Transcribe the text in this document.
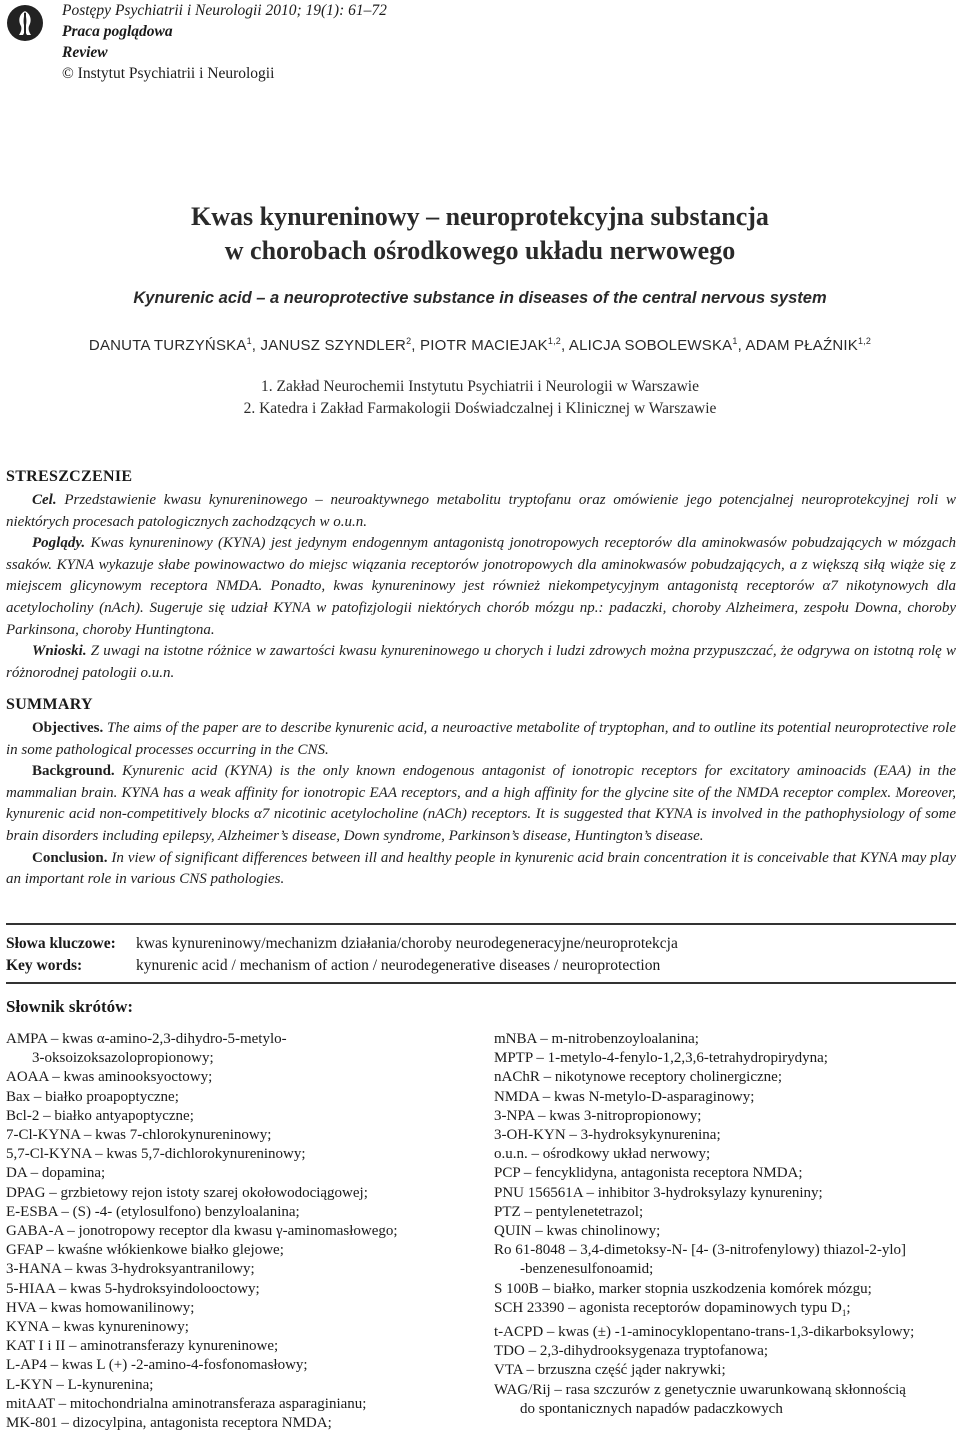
Postępy Psychiatrii i Neurologii 2010; 19(1): 61–72
Praca poglądowa
Review
© Instytut Psychiatrii i Neurologii
Kwas kynureninowy – neuroprotekcyjna substancja
w chorobach ośrodkowego układu nerwowego
Kynurenic acid – a neuroprotective substance in diseases of the central nervous system
DANUTA TURZYŃSKA$^1$, JANUSZ SZYNDLER$^2$, PIOTR MACIEJAK$^{1,2}$, ALICJA SOBOLEWSKA$^1$, ADAM PŁAŹNIK$^{1,2}$
1. Zakład Neurochemii Instytutu Psychiatrii i Neurologii w Warszawie
2. Katedra i Zakład Farmakologii Doświadczalnej i Klinicznej w Warszawie
STRESZCZENIE

Cel. Przedstawienie kwasu kynureninowego – neuroaktywnego metabolitu tryptofanu oraz omówienie jego potencjalnej neuroprotekcyjnej roli w niektórych procesach patologicznych zachodzących w o.u.n.

Poglądy. Kwas kynureninowy (KYNA) jest jedynym endogennym antagonistą jonotropowych receptorów dla aminokwasów pobudzających w mózgach ssaków. KYNA wykazuje słabe powinowactwo do miejsc wiązania receptorów jonotropowych dla aminokwasów pobudzających, a z większą siłą wiąże się z miejscem glicynowym receptora NMDA. Ponadto, kwas kynureninowy jest również niekompetycyjnym antagonistą receptorów α7 nikotynowych dla acetylocholiny (nAch). Sugeruje się udział KYNA w patofizjologii niektórych chorób mózgu np.: padaczki, choroby Alzheimera, zespołu Downa, choroby Parkinsona, choroby Huntingtona.

Wnioski. Z uwagi na istotne różnice w zawartości kwasu kynureninowego u chorych i ludzi zdrowych można przypuszczać, że odgrywa on istotną rolę w różnorodnej patologii o.u.n.

SUMMARY

Objectives. The aims of the paper are to describe kynurenic acid, a neuroactive metabolite of tryptophan, and to outline its potential neuroprotective role in some pathological processes occurring in the CNS.

Background. Kynurenic acid (KYNA) is the only known endogenous antagonist of ionotropic receptors for excitatory aminoacids (EAA) in the mammalian brain. KYNA has a weak affinity for ionotropic EAA receptors, and a high affinity for the glycine site of the NMDA receptor complex. Moreover, kynurenic acid non-competitively blocks α7 nicotinic acetylocholine (nACh) receptors. It is suggested that KYNA is involved in the pathophysiology of some brain disorders including epilepsy, Alzheimer’s disease, Down syndrome, Parkinson’s disease, Huntington’s disease.

Conclusion. In view of significant differences between ill and healthy people in kynurenic acid brain concentration it is conceivable that KYNA may play an important role in various CNS pathologies.

Słowa kluczowe: kwas kynureninowy/mechanizm działania/choroby neurodegeneracyjne/neuroprotekcja
Key words:	kynurenic acid / mechanism of action / neurodegenerative diseases / neuroprotection
Słownik skrótów:
AMPA – kwas α-amino-2,3-dihydro-5-metylo-
3-oksoizoksazolopropionowy;
AOAA – kwas aminooksyoctowy;
Bax – białko proapoptyczne;
Bcl-2 – białko antyapoptyczne;
7-Cl-KYNA – kwas 7-chlorokynureninowy;
5,7-Cl-KYNA – kwas 5,7-dichlorokynureninowy;
DA – dopamina;
DPAG – grzbietowy rejon istoty szarej okołowodociągowej;
E-ESBA – (S) -4- (etylosulfono) benzyloalanina;
GABA-A – jonotropowy receptor dla kwasu γ-aminomasłowego;
GFAP – kwaśne włókienkowe białko glejowe;
3-HANA – kwas 3-hydroksyantranilowy;
5-HIAA – kwas 5-hydroksyindolooctowy;
HVA – kwas homowanilinowy;
KYNA – kwas kynureninowy;
KAT I i II – aminotransferazy kynureninowe;
L-AP4 – kwas L (+) -2-amino-4-fosfonomasłowy;
L-KYN – L-kynurenina;
mitAAT – mitochondrialna aminotransferaza asparaginianu;
MK-801 – dizocylpina, antagonista receptora NMDA;
mNBA – m-nitrobenzoyloalanina;
MPTP – 1-metylo-4-fenylo-1,2,3,6-tetrahydropirydyna;
nAChR – nikotynowe receptory cholinergiczne;
NMDA – kwas N-metylo-D-asparaginowy;
3-NPA – kwas 3-nitropropionowy;
3-OH-KYN – 3-hydroksykynurenina;
o.u.n. – ośrodkowy układ nerwowy;
PCP – fencyklidyna, antagonista receptora NMDA;
PNU 156561A – inhibitor 3-hydroksylazy kynureniny;
PTZ – pentylenetetrazol;
QUIN – kwas chinolinowy;
Ro 61-8048 – 3,4-dimetoksy-N- [4- (3-nitrofenylowy) thiazol-2-ylo]
-benzenesulfonoamid;
S 100B – białko, marker stopnia uszkodzenia komórek mózgu;
SCH 23390 – agonista receptorów dopaminowych typu $D_1$;
t-ACPD – kwas (±) -1-aminocyklopentano-trans-1,3-dikarboksylowy;
TDO – 2,3-dihydrooksygenaza tryptofanowa;
VTA – brzuszna część jąder nakrywki;
WAG/Rij – rasa szczurów z genetycznie uwarunkowaną skłonnością
do spontanicznych napadów padaczkowych
